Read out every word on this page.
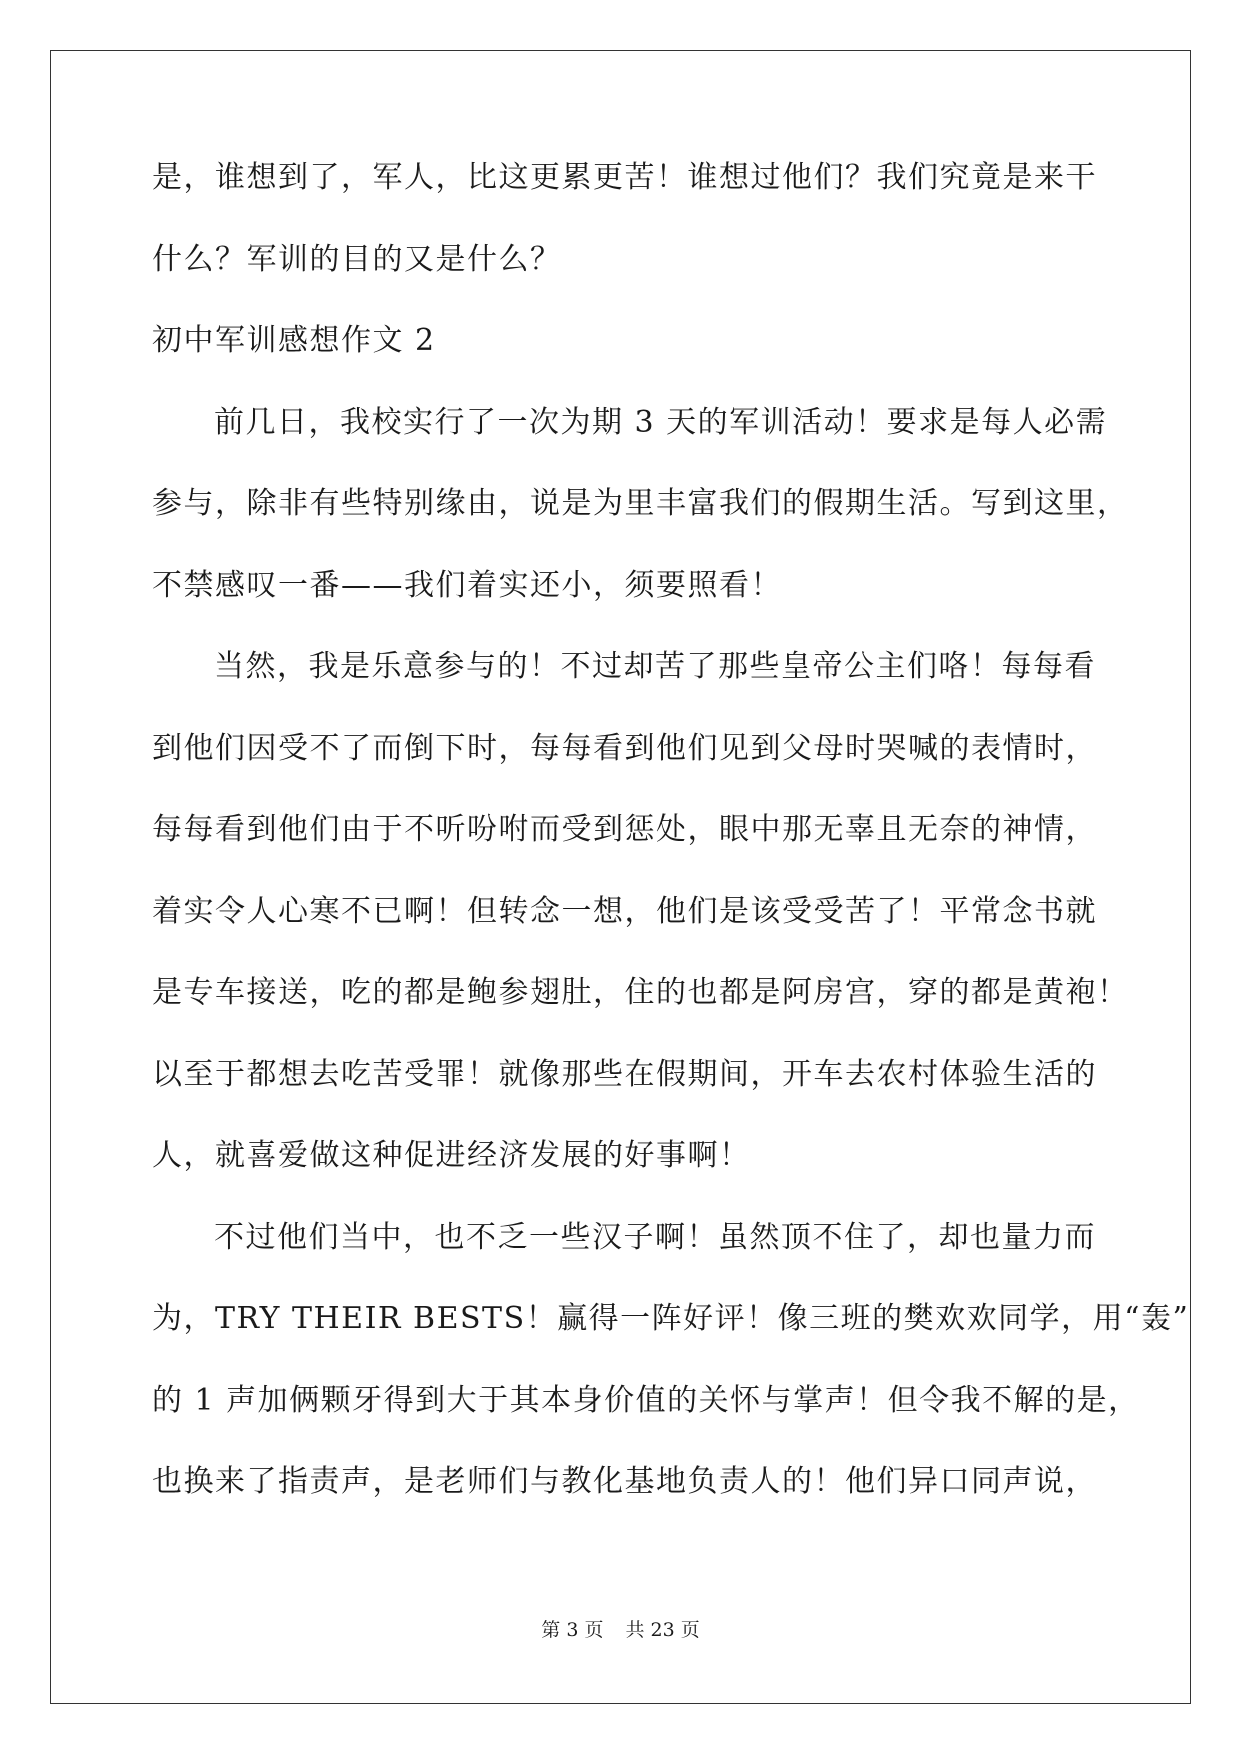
是，谁想到了，军人，比这更累更苦！谁想过他们？我们究竟是来干
什么？军训的目的又是什么？
初中军训感想作文 2
前几日，我校实行了一次为期 3 天的军训活动！要求是每人必需
参与，除非有些特别缘由，说是为里丰富我们的假期生活。写到这里，
不禁感叹一番——我们着实还小，须要照看！
当然，我是乐意参与的！不过却苦了那些皇帝公主们咯！每每看
到他们因受不了而倒下时，每每看到他们见到父母时哭喊的表情时，
每每看到他们由于不听吩咐而受到惩处，眼中那无辜且无奈的神情，
着实令人心寒不已啊！但转念一想，他们是该受受苦了！平常念书就
是专车接送，吃的都是鲍参翅肚，住的也都是阿房宫，穿的都是黄袍！
以至于都想去吃苦受罪！就像那些在假期间，开车去农村体验生活的
人，就喜爱做这种促进经济发展的好事啊！
不过他们当中，也不乏一些汉子啊！虽然顶不住了，却也量力而
为，TRY THEIR BESTS！赢得一阵好评！像三班的樊欢欢同学，用“轰”
的 1 声加俩颗牙得到大于其本身价值的关怀与掌声！但令我不解的是，
也换来了指责声，是老师们与教化基地负责人的！他们异口同声说，
第 3 页 共 23 页
